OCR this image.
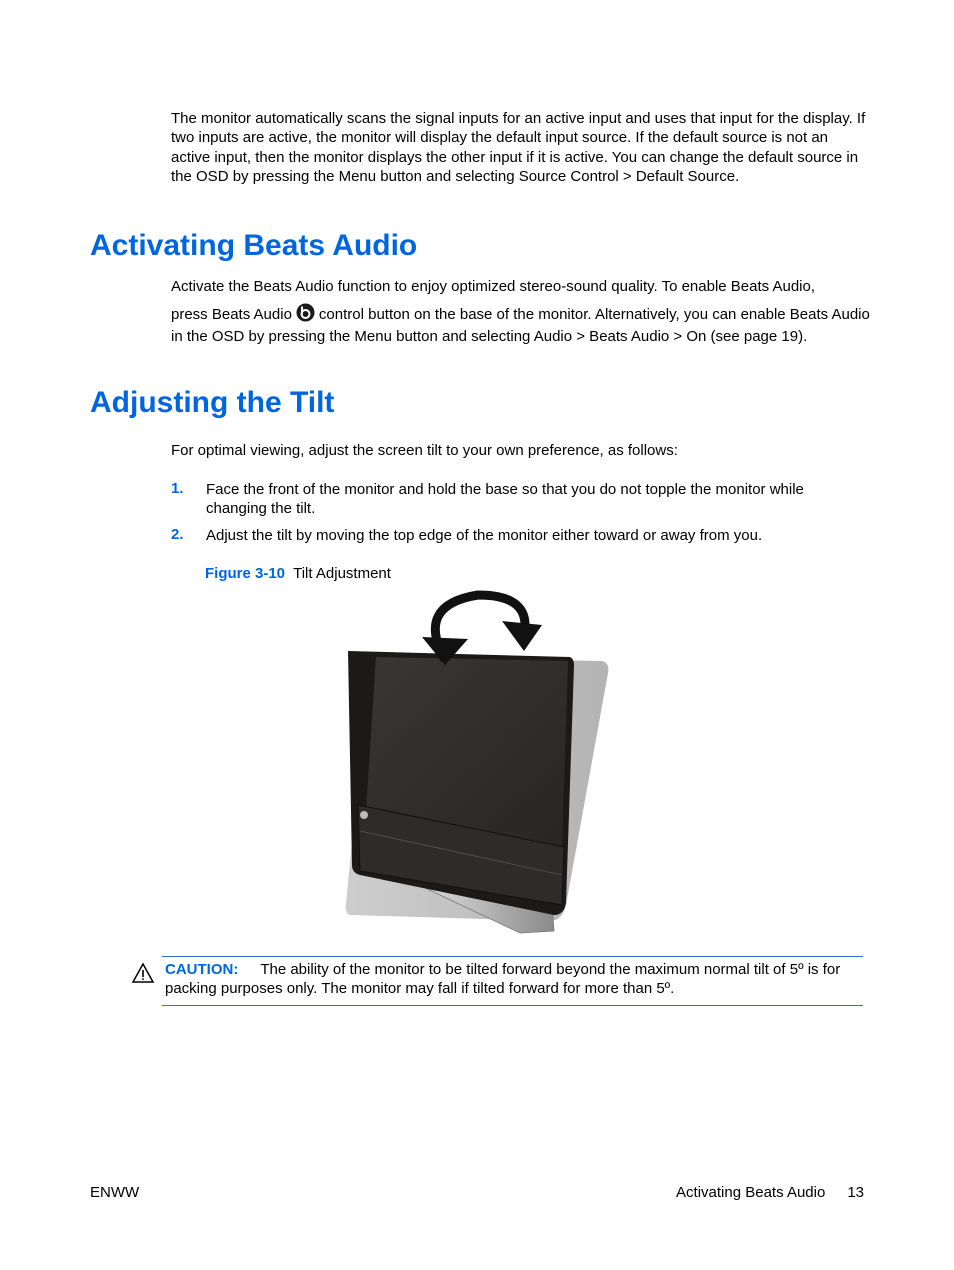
The monitor automatically scans the signal inputs for an active input and uses that input for the display. If two inputs are active, the monitor will display the default input source. If the default source is not an active input, then the monitor displays the other input if it is active. You can change the default source in the OSD by pressing the Menu button and selecting Source Control > Default Source.

Activating Beats Audio

Activate the Beats Audio function to enjoy optimized stereo-sound quality. To enable Beats Audio,

press Beats Audio control button on the base of the monitor. Alternatively, you can enable Beats Audio in the OSD by pressing the Menu button and selecting Audio > Beats Audio > On (see page 19).

Adjusting the Tilt

For optimal viewing, adjust the screen tilt to your own preference, as follows:

1. Face the front of the monitor and hold the base so that you do not topple the monitor while changing the tilt.

2. Adjust the tilt by moving the top edge of the monitor either toward or away from you.

Figure 3-10 Tilt Adjustment

CAUTION: The ability of the monitor to be tilted forward beyond the maximum normal tilt of 5º is for packing purposes only. The monitor may fall if tilted forward for more than 5º.

ENWW	Activating Beats Audio 13
